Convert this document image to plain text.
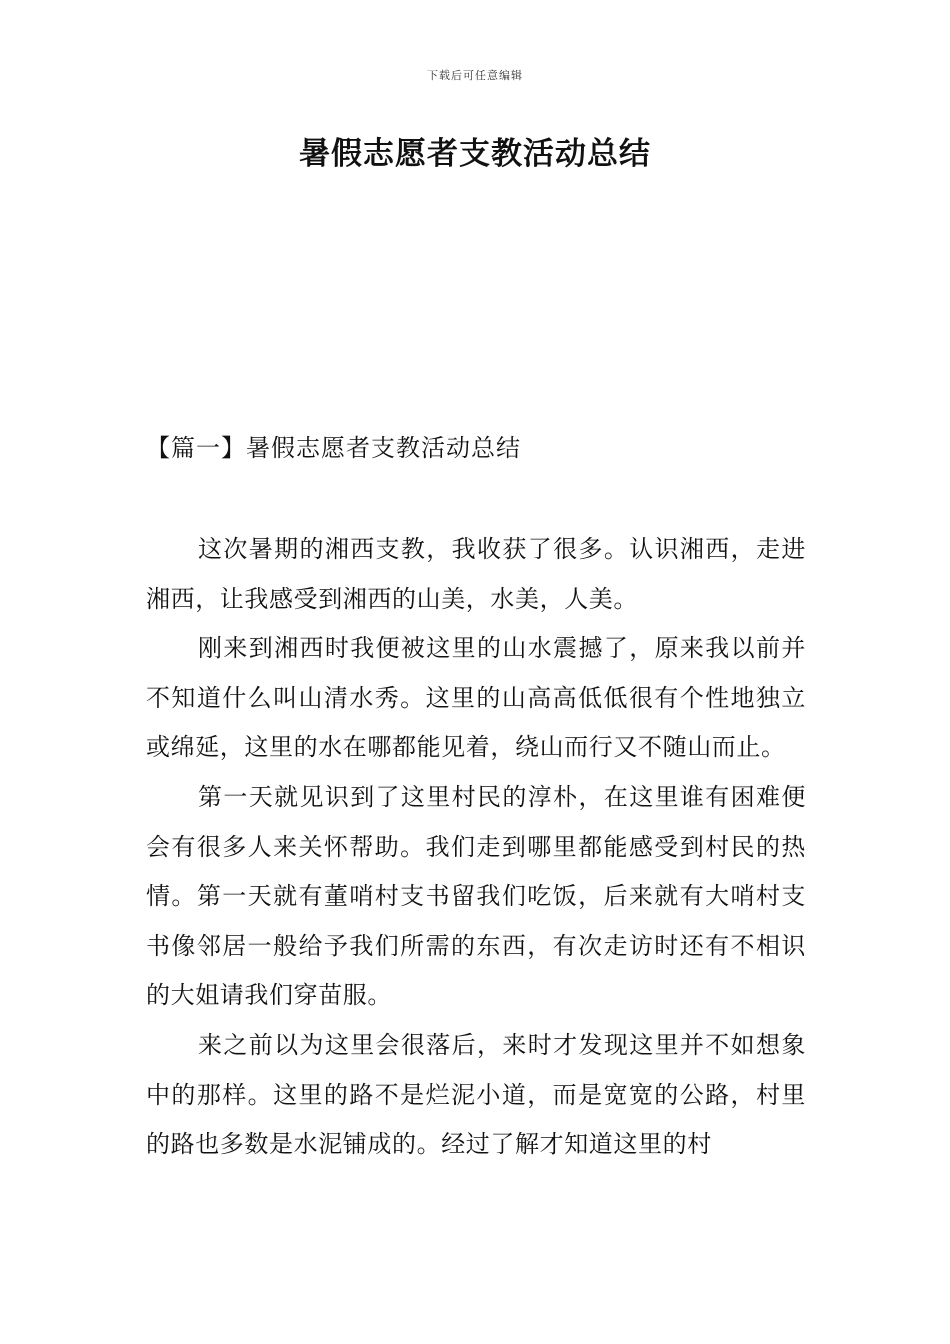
下载后可任意编辑
暑假志愿者支教活动总结
【篇一】暑假志愿者支教活动总结

这次暑期的湘西支教，我收获了很多。认识湘西，走进湘西，让我感受到湘西的山美，水美，人美。

刚来到湘西时我便被这里的山水震撼了，原来我以前并不知道什么叫山清水秀。这里的山高高低低很有个性地独立或绵延，这里的水在哪都能见着，绕山而行又不随山而止。

第一天就见识到了这里村民的淳朴，在这里谁有困难便会有很多人来关怀帮助。我们走到哪里都能感受到村民的热情。第一天就有董哨村支书留我们吃饭，后来就有大哨村支书像邻居一般给予我们所需的东西，有次走访时还有不相识的大姐请我们穿苗服。

来之前以为这里会很落后，来时才发现这里并不如想象中的那样。这里的路不是烂泥小道，而是宽宽的公路，村里的路也多数是水泥铺成的。经过了解才知道这里的村
